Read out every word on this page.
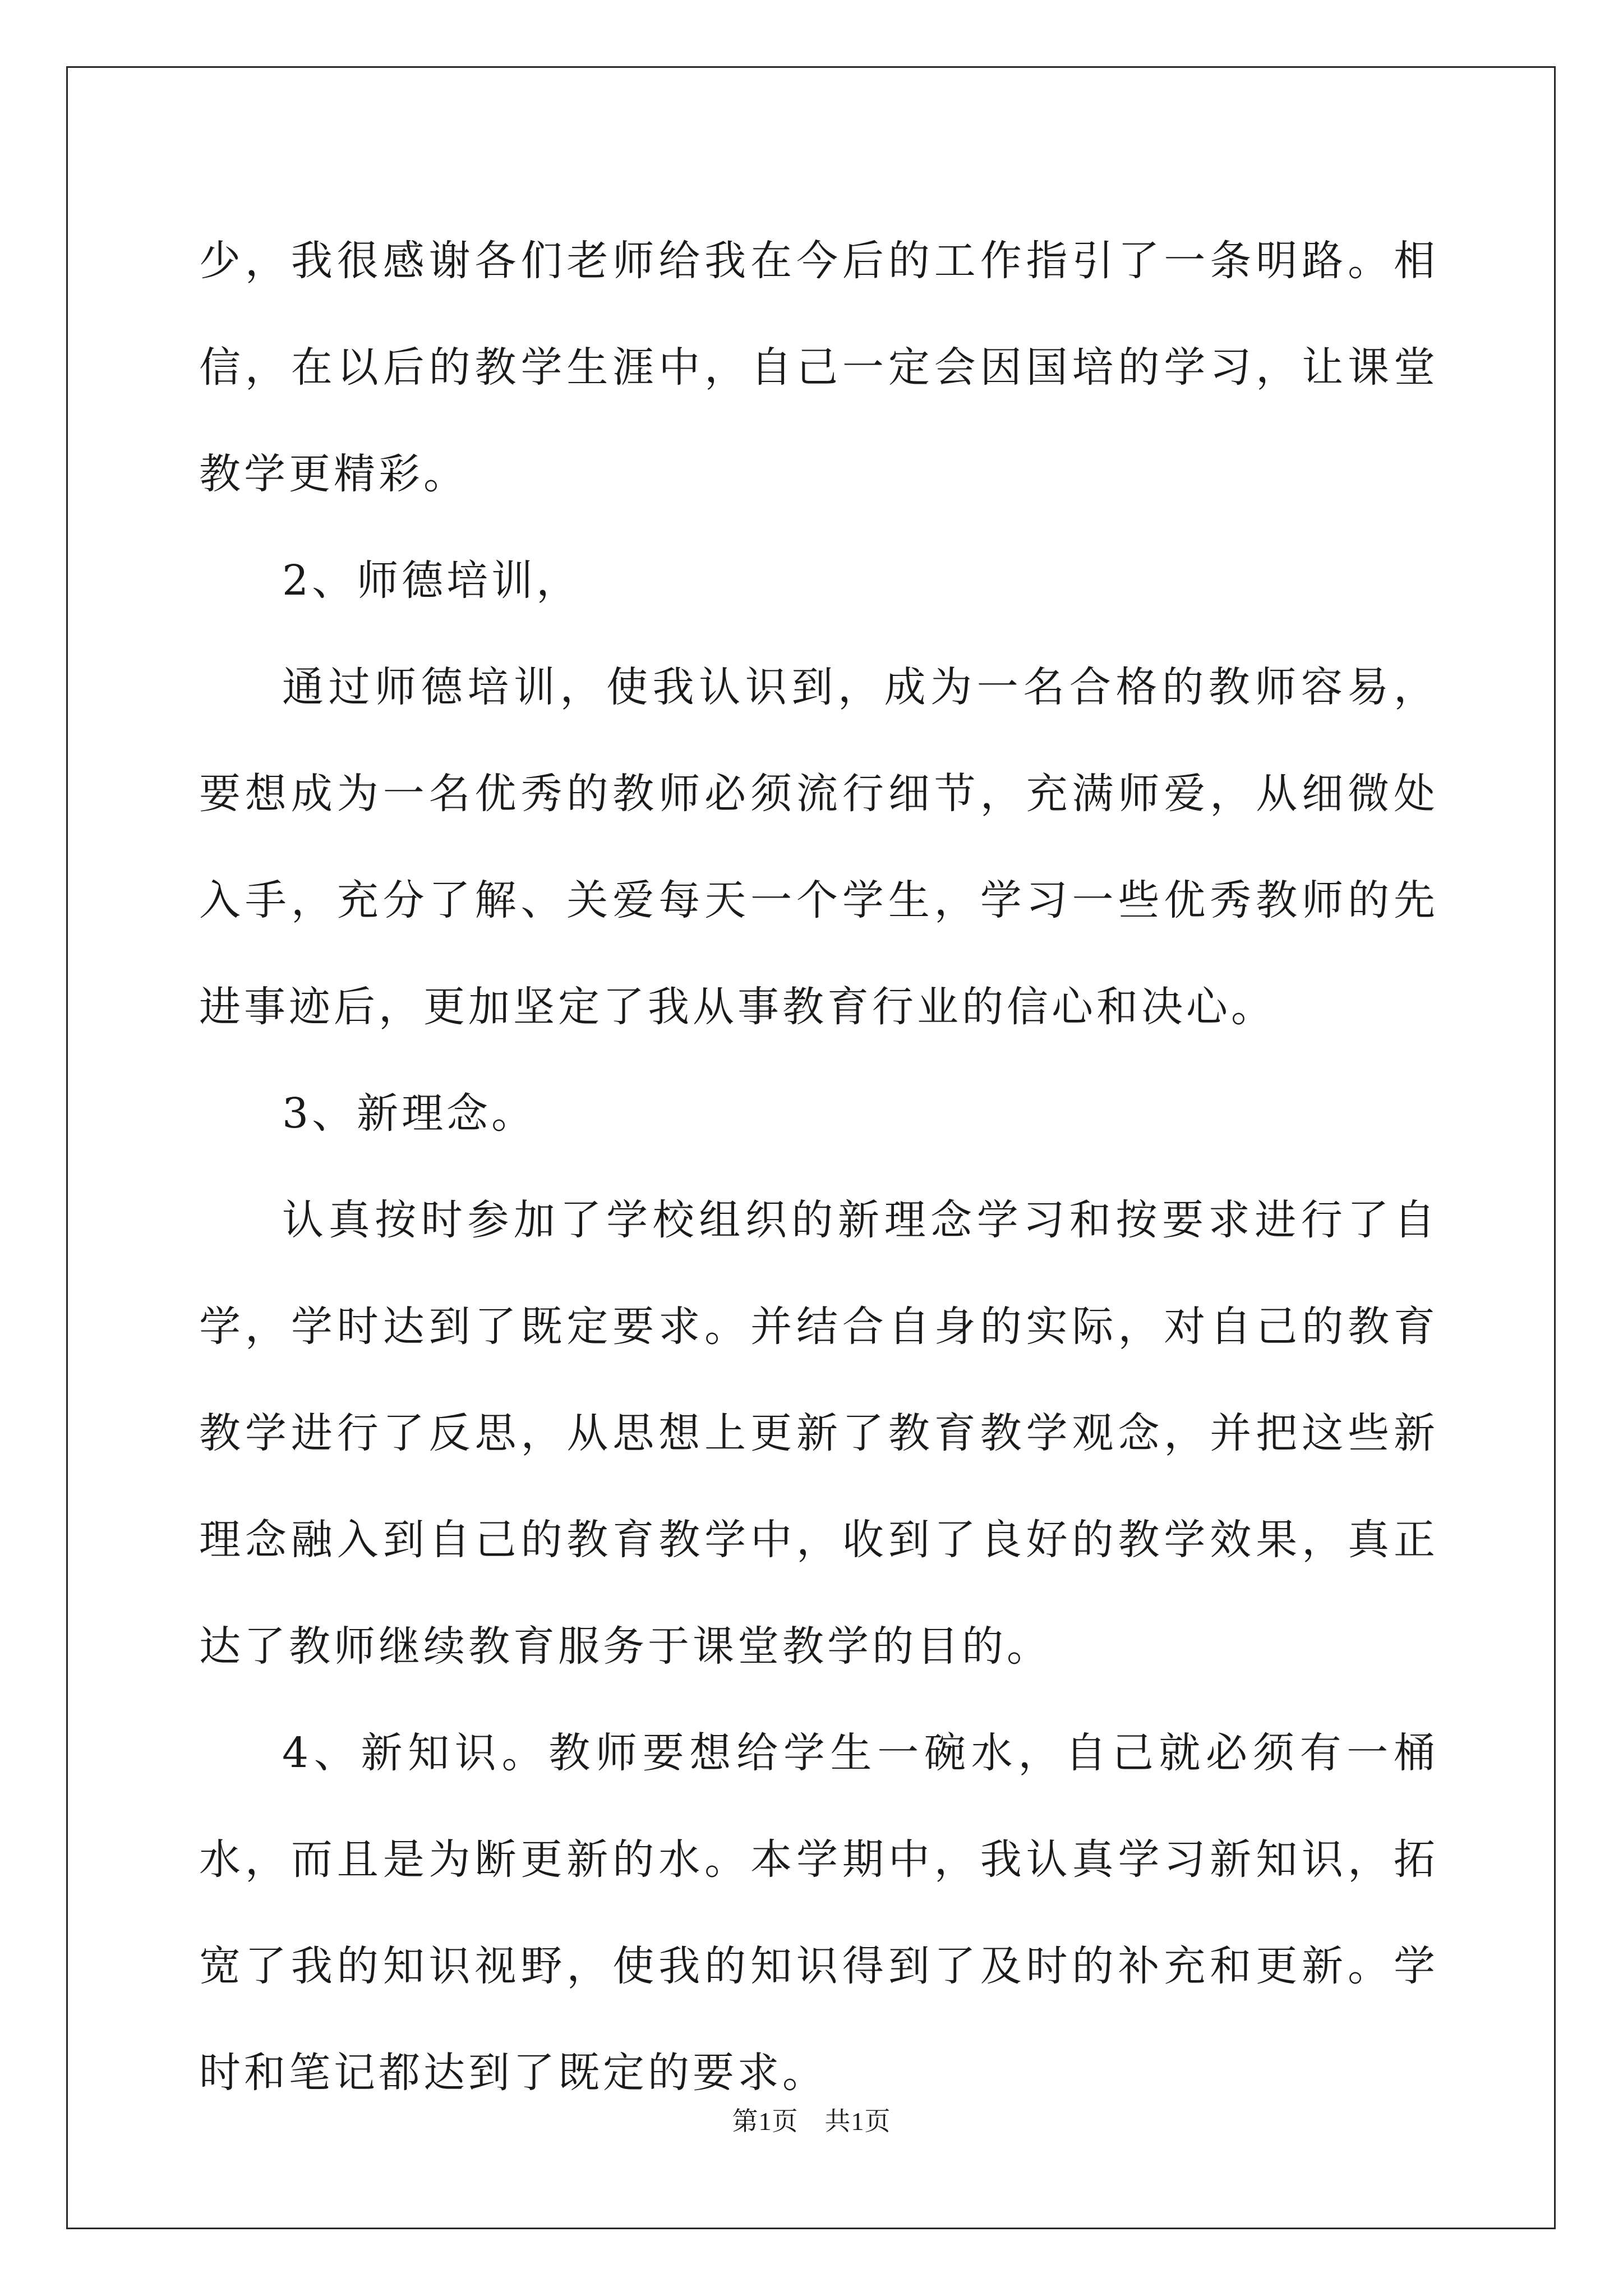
少，我很感谢各们老师给我在今后的工作指引了一条明路。相信，在以后的教学生涯中，自己一定会因国培的学习，让课堂教学更精彩。

2、师德培训，

通过师德培训，使我认识到，成为一名合格的教师容易，要想成为一名优秀的教师必须流行细节，充满师爱，从细微处入手，充分了解、关爱每天一个学生，学习一些优秀教师的先进事迹后，更加坚定了我从事教育行业的信心和决心。

3、新理念。

认真按时参加了学校组织的新理念学习和按要求进行了自学，学时达到了既定要求。并结合自身的实际，对自己的教育教学进行了反思，从思想上更新了教育教学观念，并把这些新理念融入到自己的教育教学中，收到了良好的教学效果，真正达了教师继续教育服务于课堂教学的目的。

4、新知识。教师要想给学生一碗水，自己就必须有一桶水，而且是为断更新的水。本学期中，我认真学习新知识，拓宽了我的知识视野，使我的知识得到了及时的补充和更新。学时和笔记都达到了既定的要求。

第1页　共1页
